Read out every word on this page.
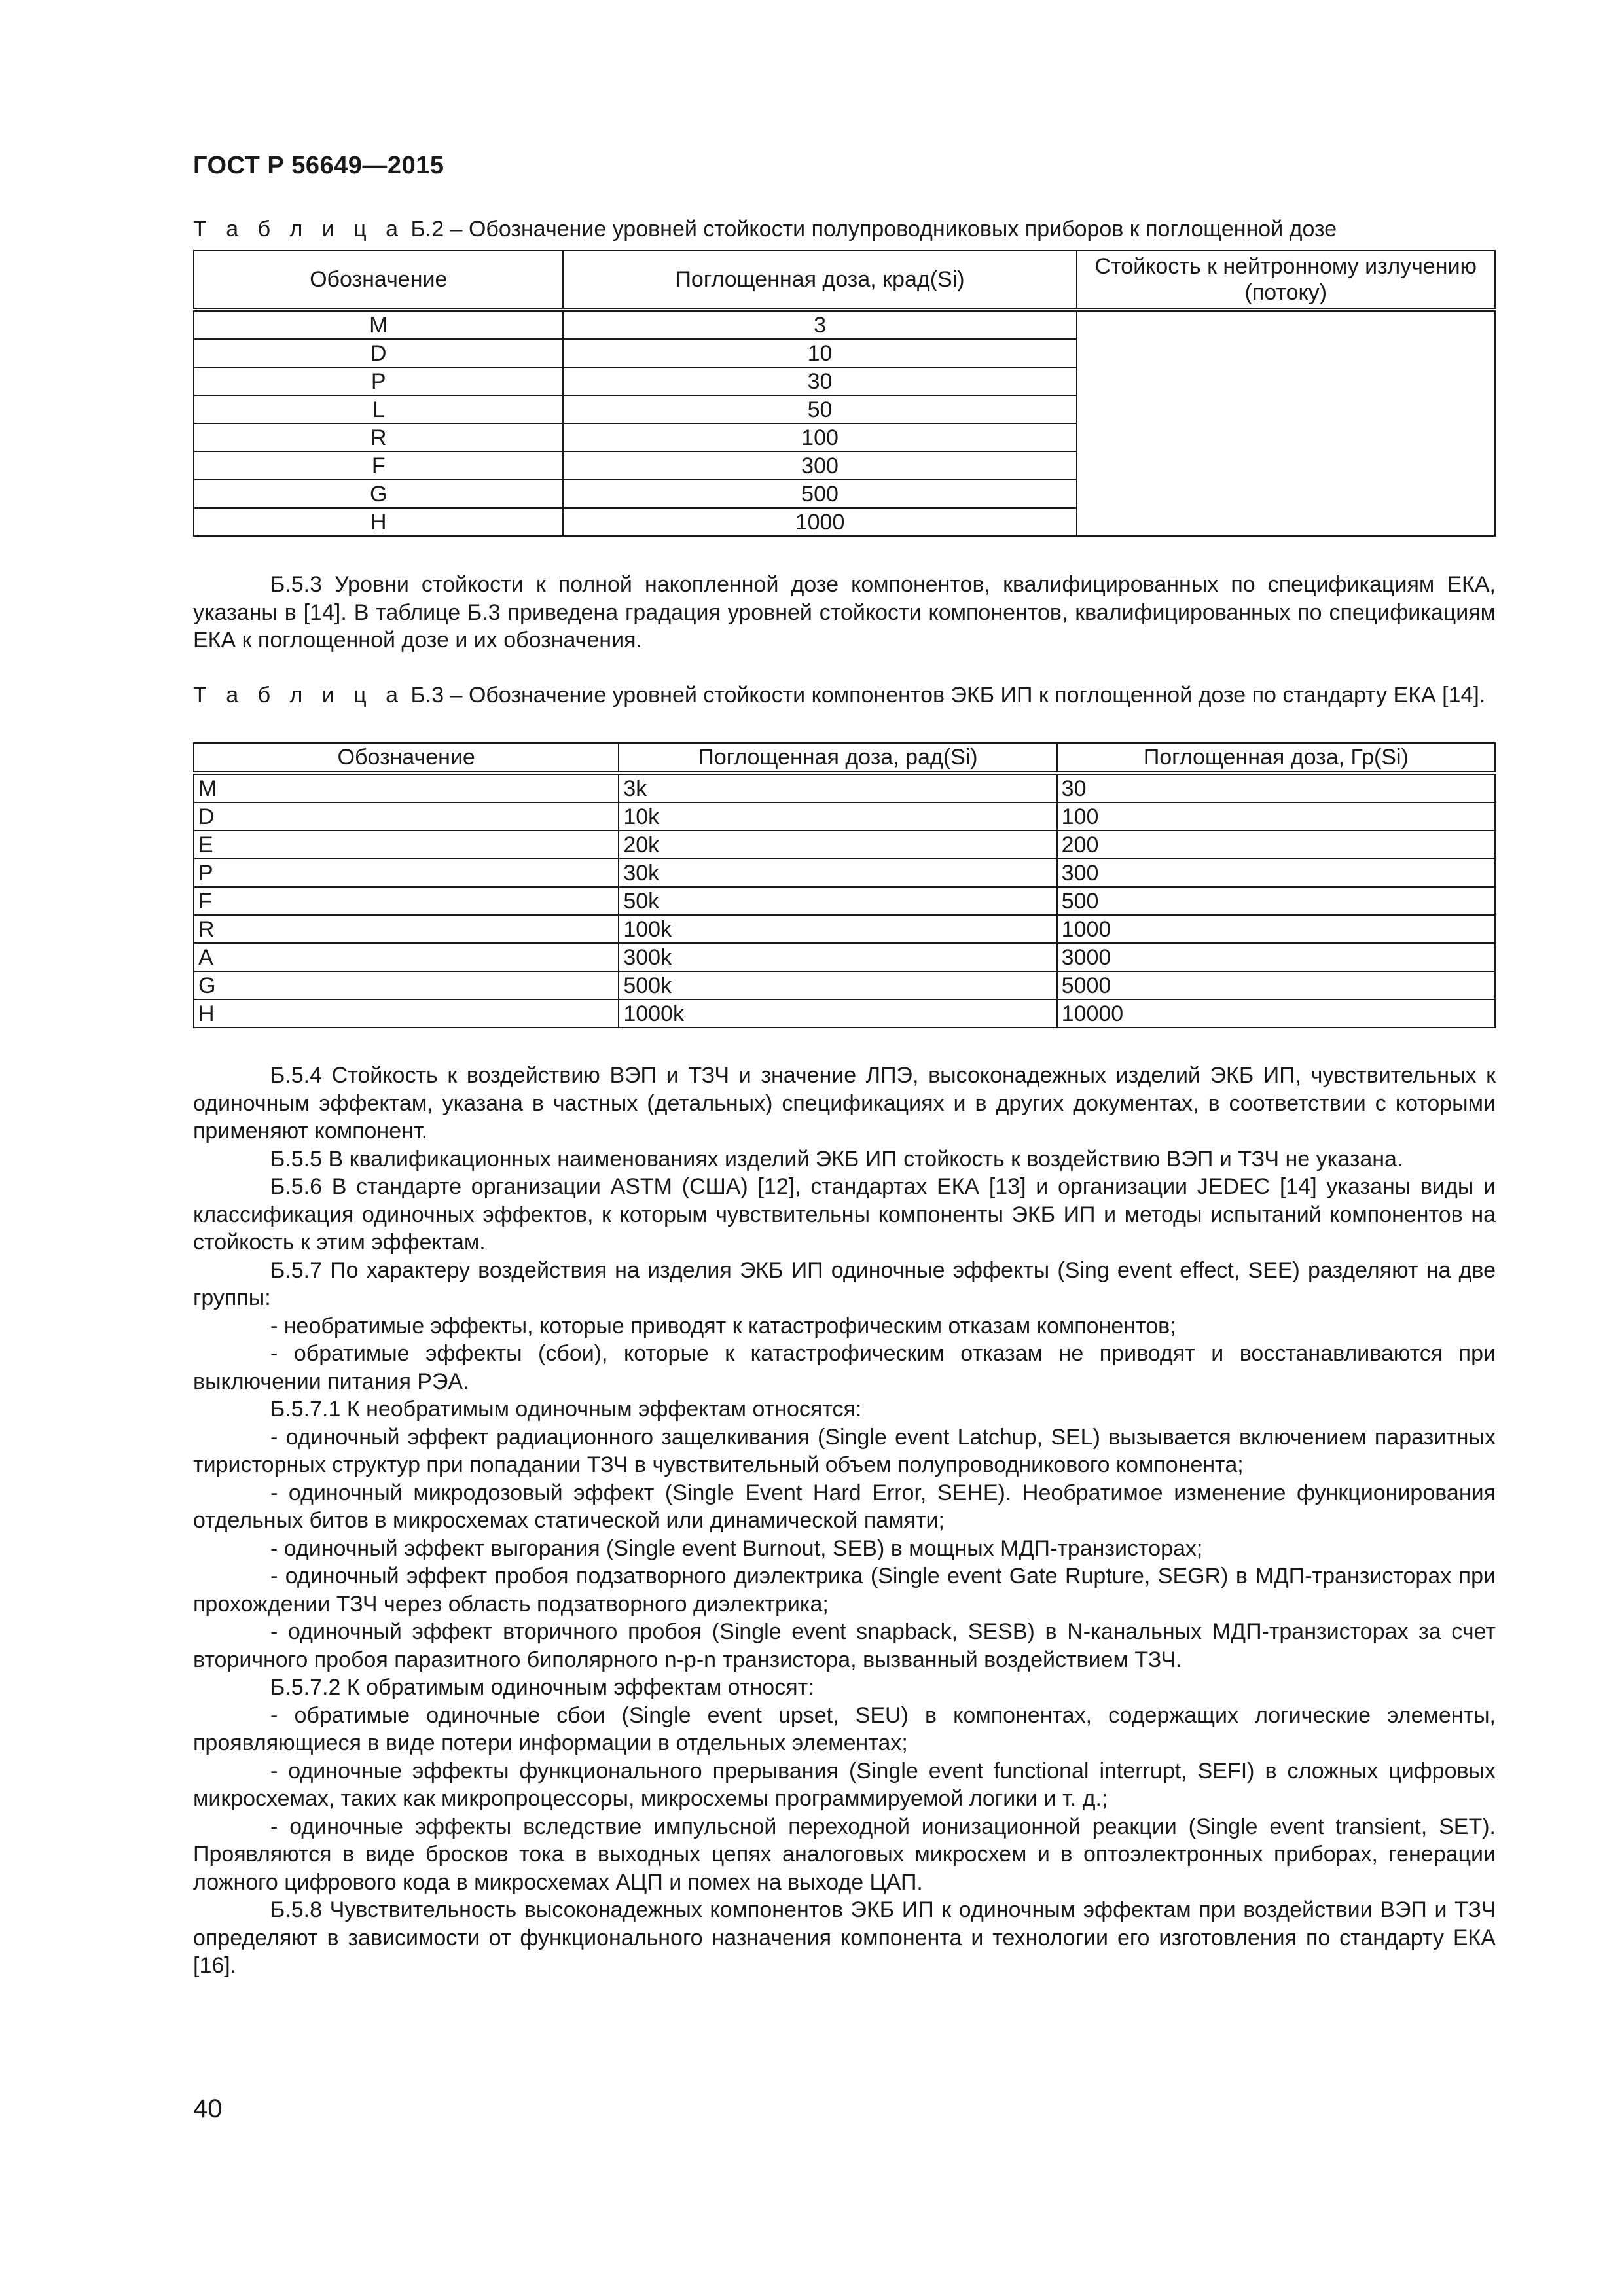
ГОСТ Р 56649—2015
Т а б л и ц а Б.2 – Обозначение уровней стойкости полупроводниковых приборов к поглощенной дозе
Обозначение	Поглощенная доза, крад(Si)	Стойкость к нейтронному излучению (потоку)
M	3	
D	10	
P	30	
L	50	
R	100	
F	300	
G	500	
H	1000	

Б.5.3 Уровни стойкости к полной накопленной дозе компонентов, квалифицированных по спецификациям ЕКА, указаны в [14]. В таблице Б.3 приведена градация уровней стойкости компонентов, квалифицированных по спецификациям ЕКА к поглощенной дозе и их обозначения.

Т а б л и ц а Б.3 – Обозначение уровней стойкости компонентов ЭКБ ИП к поглощенной дозе по стандарту ЕКА [14].
Обозначение	Поглощенная доза, рад(Si)	Поглощенная доза, Гр(Si)
M	3k	30
D	10k	100
E	20k	200
P	30k	300
F	50k	500
R	100k	1000
A	300k	3000
G	500k	5000
H	1000k	10000

Б.5.4 Стойкость к воздействию ВЭП и ТЗЧ и значение ЛПЭ, высоконадежных изделий ЭКБ ИП, чувствительных к одиночным эффектам, указана в частных (детальных) спецификациях и в других документах, в соответствии с которыми применяют компонент.

Б.5.5 В квалификационных наименованиях изделий ЭКБ ИП стойкость к воздействию ВЭП и ТЗЧ не указана.

Б.5.6 В стандарте организации ASTM (США) [12], стандартах ЕКА [13] и организации JEDEC [14] указаны виды и классификация одиночных эффектов, к которым чувствительны компоненты ЭКБ ИП и методы испытаний компонентов на стойкость к этим эффектам.

Б.5.7 По характеру воздействия на изделия ЭКБ ИП одиночные эффекты (Sing event effect, SEE) разделяют на две группы:

- необратимые эффекты, которые приводят к катастрофическим отказам компонентов;

- обратимые эффекты (сбои), которые к катастрофическим отказам не приводят и восстанавливаются при выключении питания РЭА.

Б.5.7.1 К необратимым одиночным эффектам относятся:

- одиночный эффект радиационного защелкивания (Single event Latchup, SEL) вызывается включением паразитных тиристорных структур при попадании ТЗЧ в чувствительный объем полупроводникового компонента;

- одиночный микродозовый эффект (Single Event Hard Error, SEHE). Необратимое изменение функционирования отдельных битов в микросхемах статической или динамической памяти;

- одиночный эффект выгорания (Single event Burnout, SEB) в мощных МДП-транзисторах;

- одиночный эффект пробоя подзатворного диэлектрика (Single event Gate Rupture, SEGR) в МДП-транзисторах при прохождении ТЗЧ через область подзатворного диэлектрика;

- одиночный эффект вторичного пробоя (Single event snapback, SESB) в N-канальных МДП-транзисторах за счет вторичного пробоя паразитного биполярного n-p-n транзистора, вызванный воздействием ТЗЧ.

Б.5.7.2 К обратимым одиночным эффектам относят:

- обратимые одиночные сбои (Single event upset, SEU) в компонентах, содержащих логические элементы, проявляющиеся в виде потери информации в отдельных элементах;

- одиночные эффекты функционального прерывания (Single event functional interrupt, SEFI) в сложных цифровых микросхемах, таких как микропроцессоры, микросхемы программируемой логики и т. д.;

- одиночные эффекты вследствие импульсной переходной ионизационной реакции (Single event transient, SET). Проявляются в виде бросков тока в выходных цепях аналоговых микросхем и в оптоэлектронных приборах, генерации ложного цифрового кода в микросхемах АЦП и помех на выходе ЦАП.

Б.5.8 Чувствительность высоконадежных компонентов ЭКБ ИП к одиночным эффектам при воздействии ВЭП и ТЗЧ определяют в зависимости от функционального назначения компонента и технологии его изготовления по стандарту ЕКА [16].

40
